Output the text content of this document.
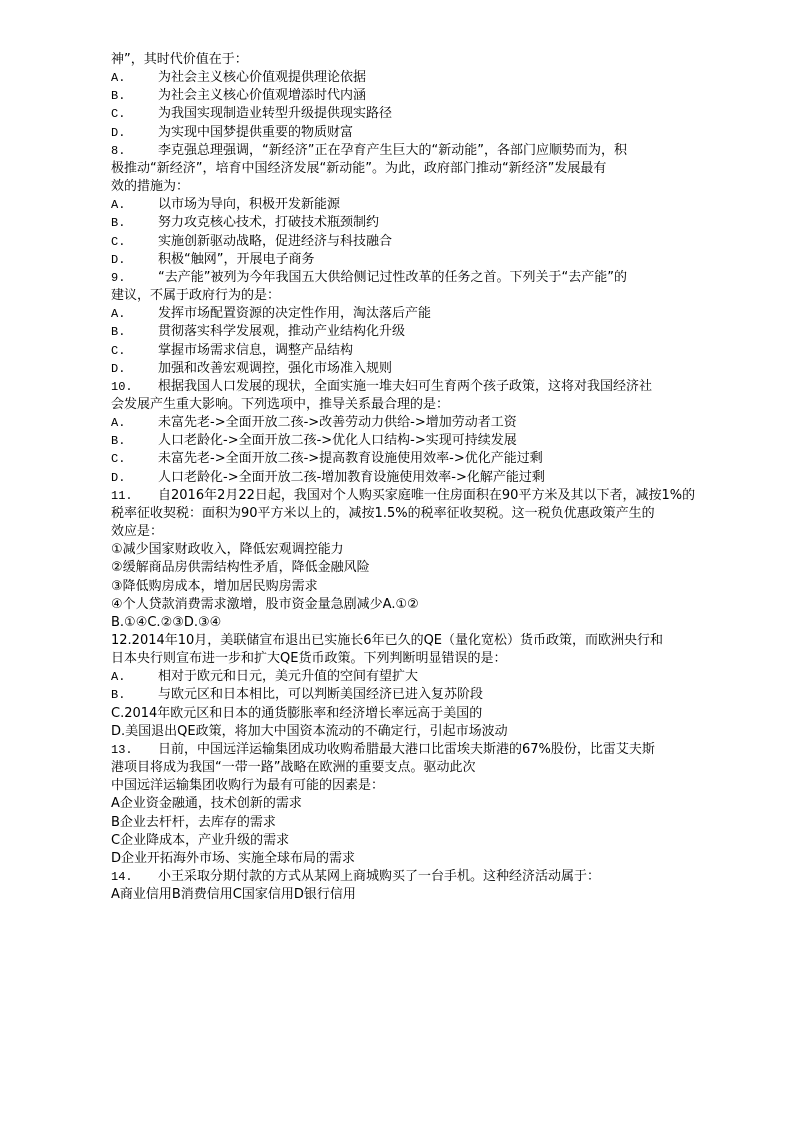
神”，其时代价值在于：
A.	为社会主义核心价值观提供理论依据
B.	为社会主义核心价值观增添时代内涵
C.	为我国实现制造业转型升级提供现实路径
D.	为实现中国梦提供重要的物质财富
8.	李克强总理强调，“新经济”正在孕育产生巨大的“新动能”，各部门应顺势而为，积
极推动“新经济”，培育中国经济发展“新动能”。为此，政府部门推动“新经济”发展最有
效的措施为：
A.	以市场为导向，积极开发新能源
B.	努力攻克核心技术，打破技术瓶颈制约
C.	实施创新驱动战略，促进经济与科技融合
D.	积极“触网”，开展电子商务
9.	“去产能”被列为今年我国五大供给侧记过性改革的任务之首。下列关于“去产能”的
建议，不属于政府行为的是：
A.	发挥市场配置资源的决定性作用，淘汰落后产能
B.	贯彻落实科学发展观，推动产业结构化升级
C.	掌握市场需求信息，调整产品结构
D.	加强和改善宏观调控，强化市场准入规则
10.	根据我国人口发展的现状，全面实施一堆夫妇可生育两个孩子政策，这将对我国经济社
会发展产生重大影响。下列选项中，推导关系最合理的是：
A.	未富先老->全面开放二孩->改善劳动力供给->增加劳动者工资
B.	人口老龄化->全面开放二孩->优化人口结构->实现可持续发展
C.	未富先老->全面开放二孩->提高教育设施使用效率->优化产能过剩
D.	人口老龄化->全面开放二孩-增加教育设施使用效率->化解产能过剩
11.	自2016年2月22日起，我国对个人购买家庭唯一住房面积在90平方米及其以下者，减按1%的
税率征收契税：面积为90平方米以上的，减按1.5%的税率征收契税。这一税负优惠政策产生的
效应是：
①减少国家财政收入，降低宏观调控能力
②缓解商品房供需结构性矛盾，降低金融风险
③降低购房成本，增加居民购房需求
④个人贷款消费需求激增，股市资金量急剧减少A.①②
B.①④C.②③D.③④
12.2014年10月，美联储宣布退出已实施长6年已久的QE（量化宽松）货币政策，而欧洲央行和
日本央行则宣布进一步和扩大QE货币政策。下列判断明显错误的是：
A.	相对于欧元和日元，美元升值的空间有望扩大
B.	与欧元区和日本相比，可以判断美国经济已进入复苏阶段
C.2014年欧元区和日本的通货膨胀率和经济增长率远高于美国的
D.美国退出QE政策，将加大中国资本流动的不确定行，引起市场波动
13.	日前，中国远洋运输集团成功收购希腊最大港口比雷埃夫斯港的67%股份，比雷艾夫斯
港项目将成为我国“一带一路”战略在欧洲的重要支点。驱动此次
中国远洋运输集团收购行为最有可能的因素是：
A企业资金融通，技术创新的需求
B企业去杆杆，去库存的需求
C企业降成本，产业升级的需求
D企业开拓海外市场、实施全球布局的需求
14.	小王采取分期付款的方式从某网上商城购买了一台手机。这种经济活动属于：
A商业信用B消费信用C国家信用D银行信用
